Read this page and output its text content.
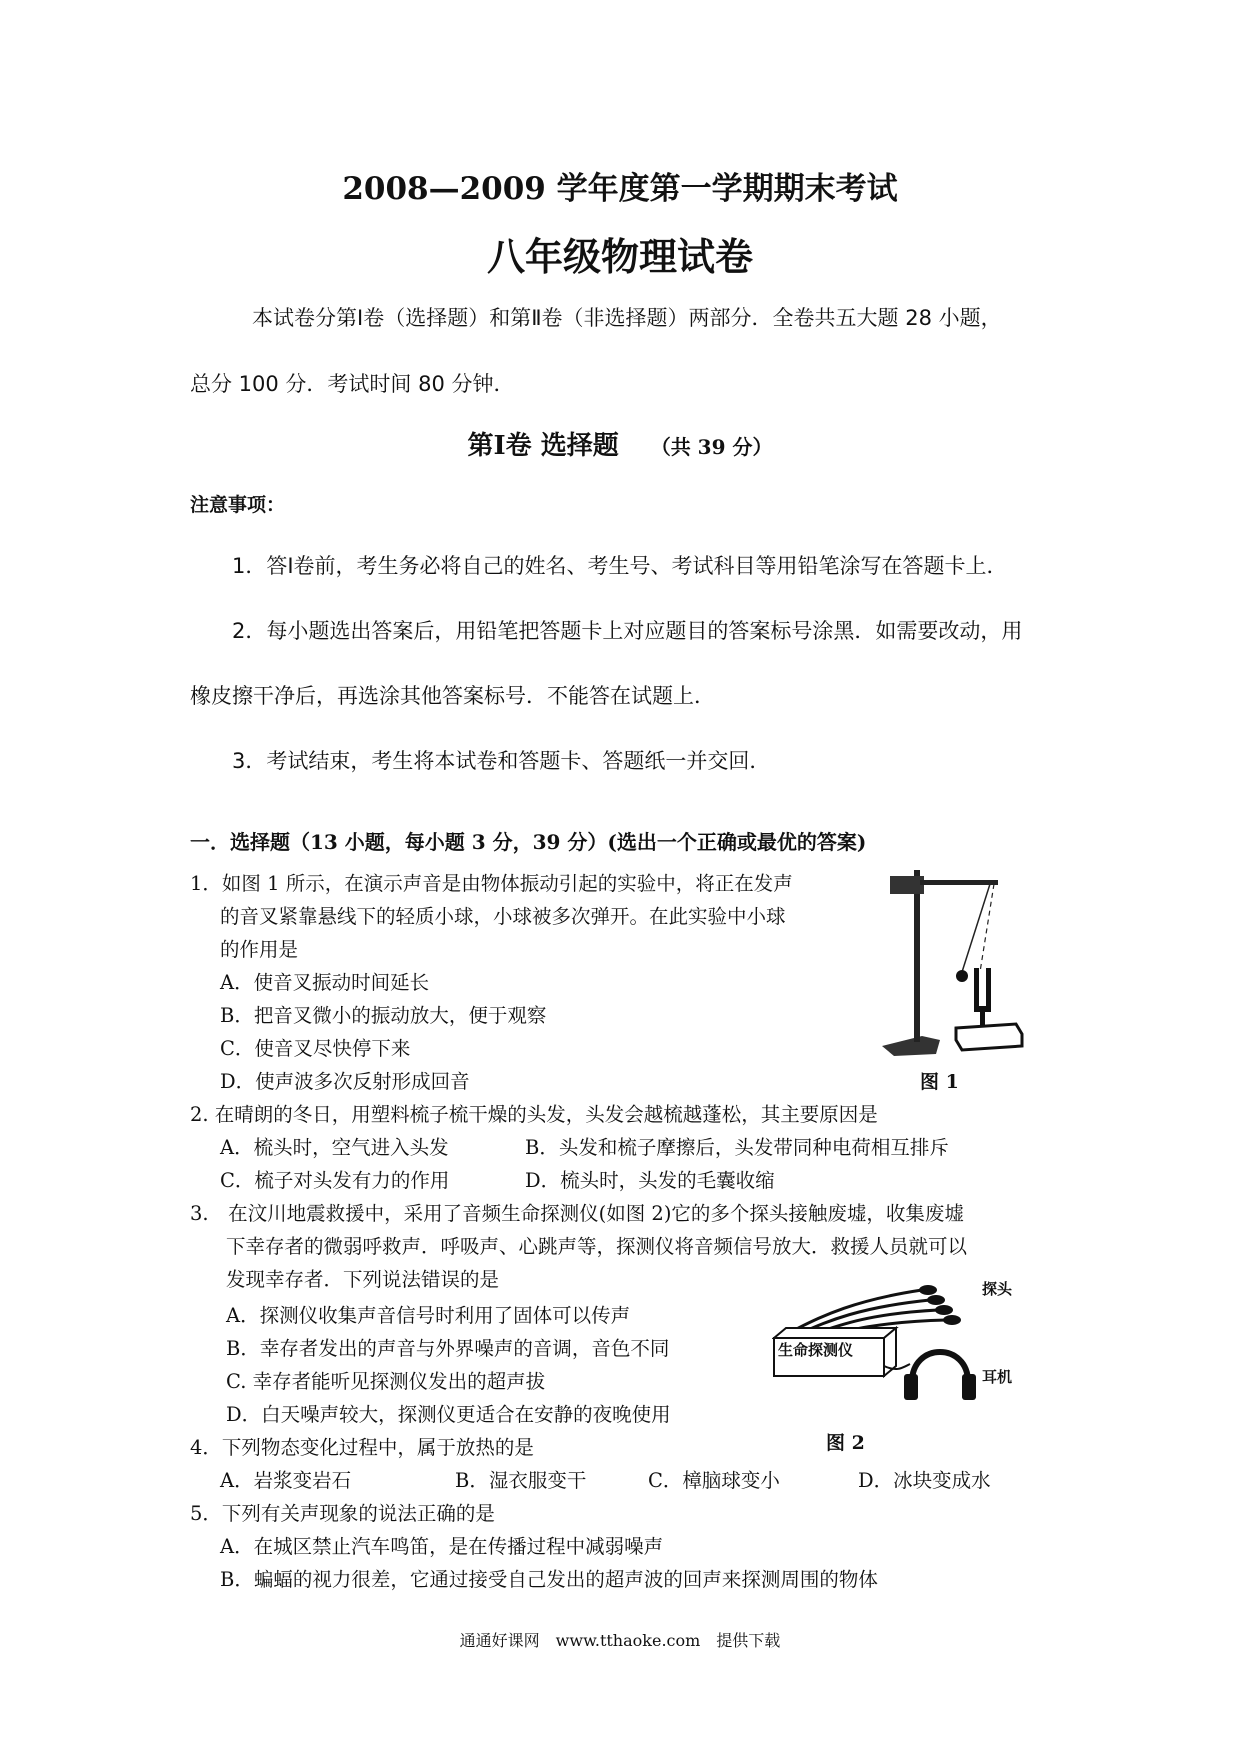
2008—2009 学年度第一学期期末考试
八年级物理试卷
本试卷分第Ⅰ卷（选择题）和第Ⅱ卷（非选择题）两部分．全卷共五大题 28 小题，
总分 100 分．考试时间 80 分钟．
第Ⅰ卷 选择题 （共 39 分）
注意事项：
1．答Ⅰ卷前，考生务必将自己的姓名、考生号、考试科目等用铅笔涂写在答题卡上．
2．每小题选出答案后，用铅笔把答题卡上对应题目的答案标号涂黑．如需要改动，用
橡皮擦干净后，再选涂其他答案标号．不能答在试题上．
3．考试结束，考生将本试卷和答题卡、答题纸一并交回．
一．选择题（13 小题，每小题 3 分，39 分）(选出一个正确或最优的答案)
1．如图 1 所示，在演示声音是由物体振动引起的实验中，将正在发声
的音叉紧靠悬线下的轻质小球，小球被多次弹开。在此实验中小球
的作用是
A．使音叉振动时间延长
B．把音叉微小的振动放大，便于观察
C．使音叉尽快停下来
D．使声波多次反射形成回音	图 1
2. 在晴朗的冬日，用塑料梳子梳干燥的头发，头发会越梳越蓬松，其主要原因是
A．梳头时，空气进入头发	B．头发和梳子摩擦后，头发带同种电荷相互排斥
C．梳子对头发有力的作用	D．梳头时，头发的毛囊收缩
3.　在汶川地震救援中，采用了音频生命探测仪(如图 2)它的多个探头接触废墟，收集废墟
下幸存者的微弱呼救声．呼吸声、心跳声等，探测仪将音频信号放大．救援人员就可以
发现幸存者．下列说法错误的是
A．探测仪收集声音信号时利用了固体可以传声
B．幸存者发出的声音与外界噪声的音调，音色不同
C. 幸存者能听见探测仪发出的超声拔
D．白天噪声较大，探测仪更适合在安静的夜晚使用
生命探测仪
探头
耳机
图 2
4．下列物态变化过程中，属于放热的是
A．岩浆变岩石	B．湿衣服变干	C．樟脑球变小	D．冰块变成水
5．下列有关声现象的说法正确的是
A．在城区禁止汽车鸣笛，是在传播过程中减弱噪声
B．蝙蝠的视力很差，它通过接受自己发出的超声波的回声来探测周围的物体
通通好课网　www.tthaoke.com　提供下载
